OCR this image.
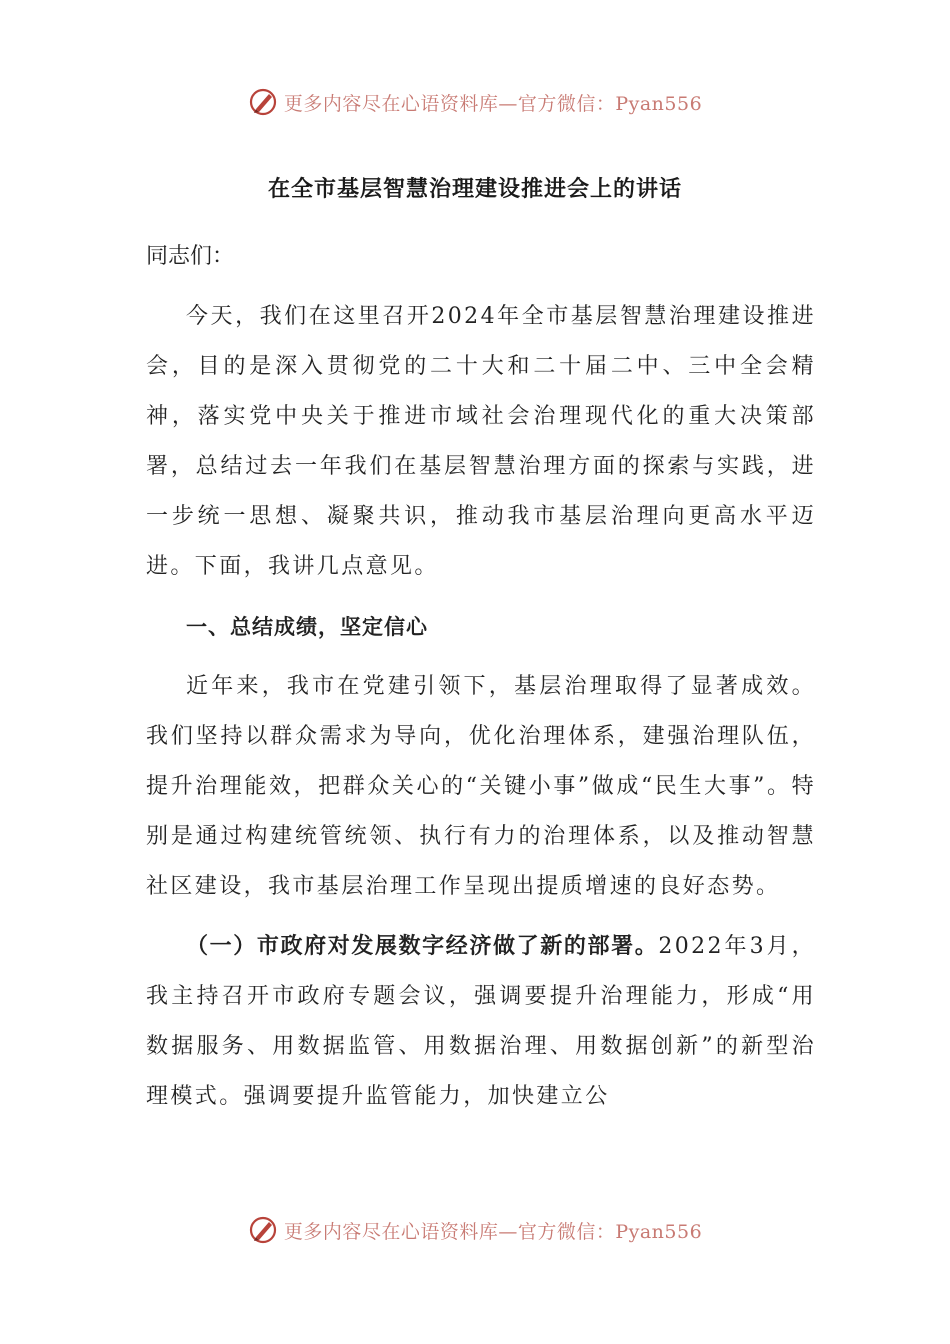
更多内容尽在心语资料库—官方微信：Pyan556
在全市基层智慧治理建设推进会上的讲话

同志们：

今天，我们在这里召开2024年全市基层智慧治理建设推进会，目的是深入贯彻党的二十大和二十届二中、三中全会精神，落实党中央关于推进市域社会治理现代化的重大决策部署，总结过去一年我们在基层智慧治理方面的探索与实践，进一步统一思想、凝聚共识，推动我市基层治理向更高水平迈进。下面，我讲几点意见。

一、总结成绩，坚定信心

近年来，我市在党建引领下，基层治理取得了显著成效。我们坚持以群众需求为导向，优化治理体系，建强治理队伍，提升治理能效，把群众关心的“关键小事”做成“民生大事”。特别是通过构建统管统领、执行有力的治理体系，以及推动智慧社区建设，我市基层治理工作呈现出提质增速的良好态势。

（一）市政府对发展数字经济做了新的部署。2022年3月，我主持召开市政府专题会议，强调要提升治理能力，形成“用数据服务、用数据监管、用数据治理、用数据创新”的新型治理模式。强调要提升监管能力，加快建立公

更多内容尽在心语资料库—官方微信：Pyan556
